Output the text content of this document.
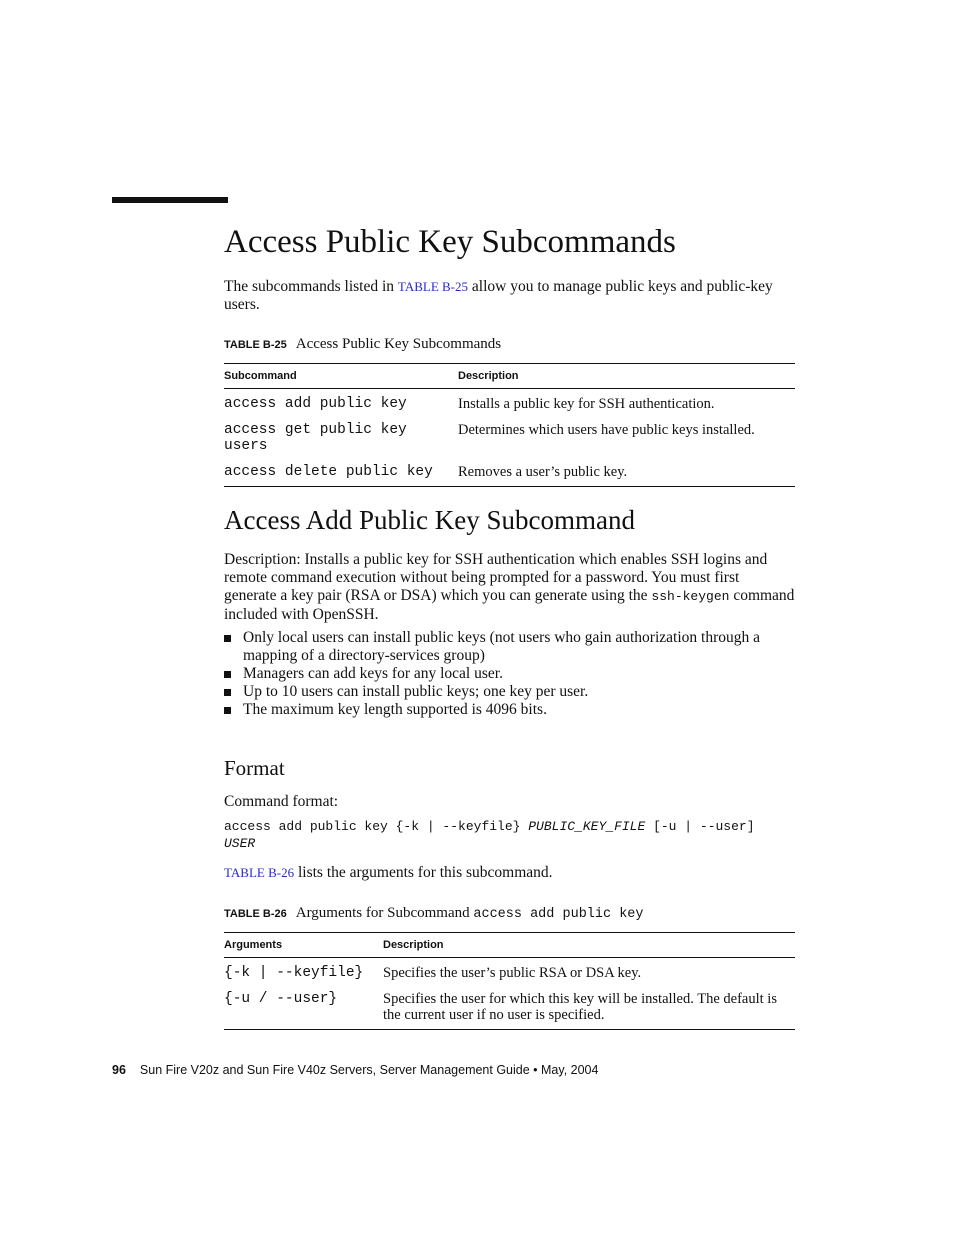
Access Public Key Subcommands

The subcommands listed in TABLE B-25 allow you to manage public keys and public-key users.

TABLE B-25 Access Public Key Subcommands
Subcommand	Description
access add public key	Installs a public key for SSH authentication.
access get public key users	Determines which users have public keys installed.
access delete public key	Removes a user’s public key.
Access Add Public Key Subcommand

Description: Installs a public key for SSH authentication which enables SSH logins and remote command execution without being prompted for a password. You must first generate a key pair (RSA or DSA) which you can generate using the ssh-keygen command included with OpenSSH.

Only local users can install public keys (not users who gain authorization through a mapping of a directory-services group)
Managers can add keys for any local user.
Up to 10 users can install public keys; one key per user.
The maximum key length supported is 4096 bits.
Format

Command format:

access add public key {-k | --keyfile} PUBLIC_KEY_FILE [-u | --user]
USER

TABLE B-26 lists the arguments for this subcommand.

TABLE B-26 Arguments for Subcommand access add public key
Arguments	Description
{-k | --keyfile}	Specifies the user’s public RSA or DSA key.
{-u / --user}	Specifies the user for which this key will be installed. The default is the current user if no user is specified.
96 Sun Fire V20z and Sun Fire V40z Servers, Server Management Guide • May, 2004
